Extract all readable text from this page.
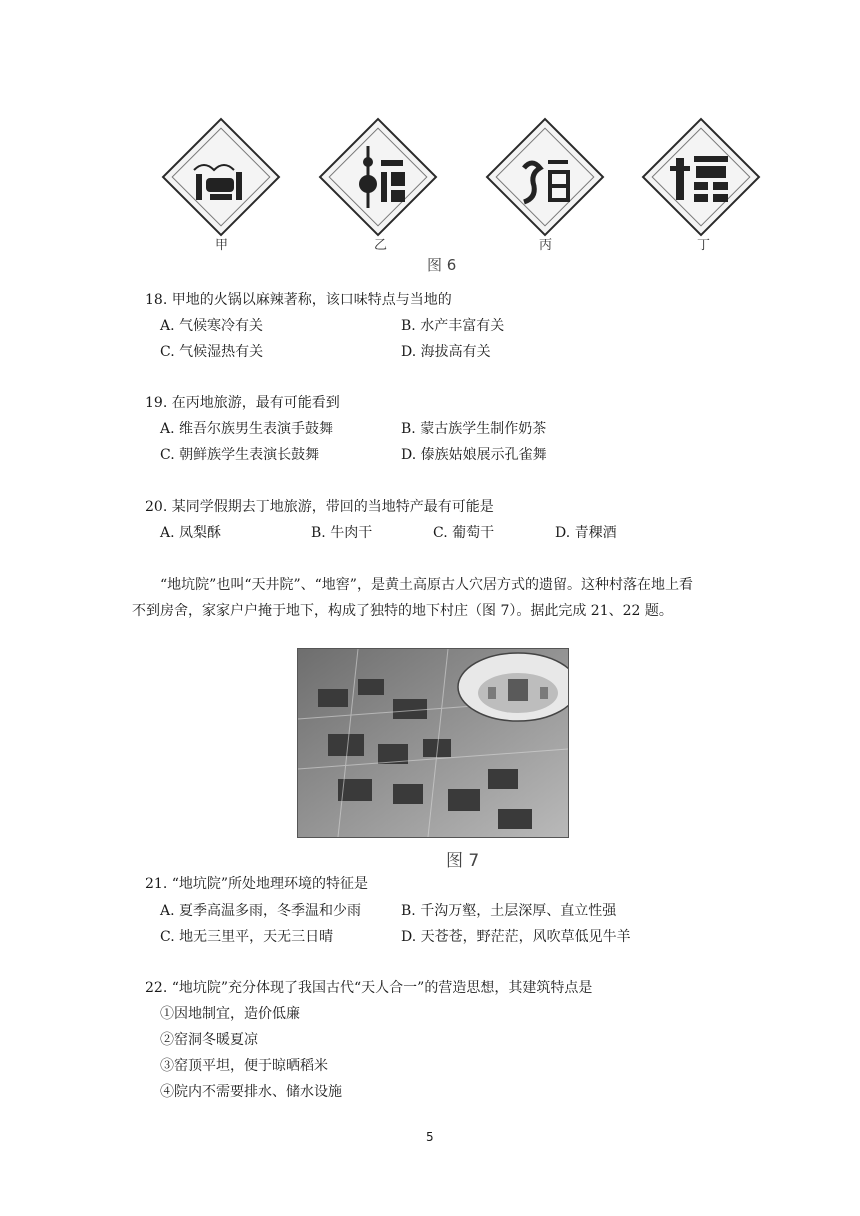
甲	乙	丙	丁
图 6
18. 甲地的火锅以麻辣著称，该口味特点与当地的
A. 气候寒冷有关	B. 水产丰富有关
C. 气候湿热有关	D. 海拔高有关
19. 在丙地旅游，最有可能看到
A. 维吾尔族男生表演手鼓舞	B. 蒙古族学生制作奶茶
C. 朝鲜族学生表演长鼓舞	D. 傣族姑娘展示孔雀舞
20. 某同学假期去丁地旅游，带回的当地特产最有可能是
A. 凤梨酥	B. 牛肉干	C. 葡萄干	D. 青稞酒
“地坑院”也叫“天井院”、“地窖”，是黄土高原古人穴居方式的遗留。这种村落在地上看
不到房舍，家家户户掩于地下，构成了独特的地下村庄（图 7）。据此完成 21、22 题。
图 7
21. “地坑院”所处地理环境的特征是
A. 夏季高温多雨，冬季温和少雨	B. 千沟万壑，土层深厚、直立性强
C. 地无三里平，天无三日晴	D. 天苍苍，野茫茫，风吹草低见牛羊
22. “地坑院”充分体现了我国古代“天人合一”的营造思想，其建筑特点是
①因地制宜，造价低廉
②窑洞冬暖夏凉
③窑顶平坦，便于晾晒稻米
④院内不需要排水、储水设施
5
